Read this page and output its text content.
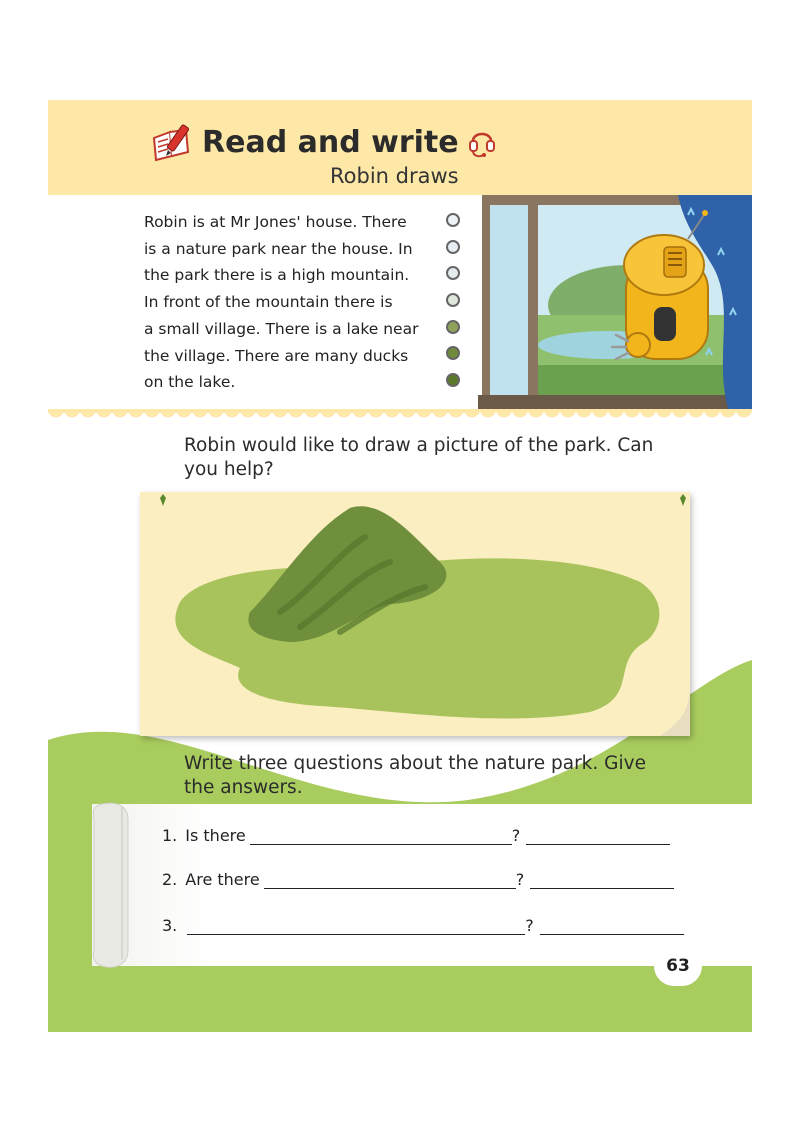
Read and write
Robin draws
Robin is at Mr Jones' house. There
is a nature park near the house. In
the park there is a high mountain.
In front of the mountain there is
a small village. There is a lake near
the village. There are many ducks
on the lake.
Robin would like to draw a picture of the park. Can
you help?
Write three questions about the nature park. Give
the answers.
1. Is there	?
2. Are there	?
3.	?
63
